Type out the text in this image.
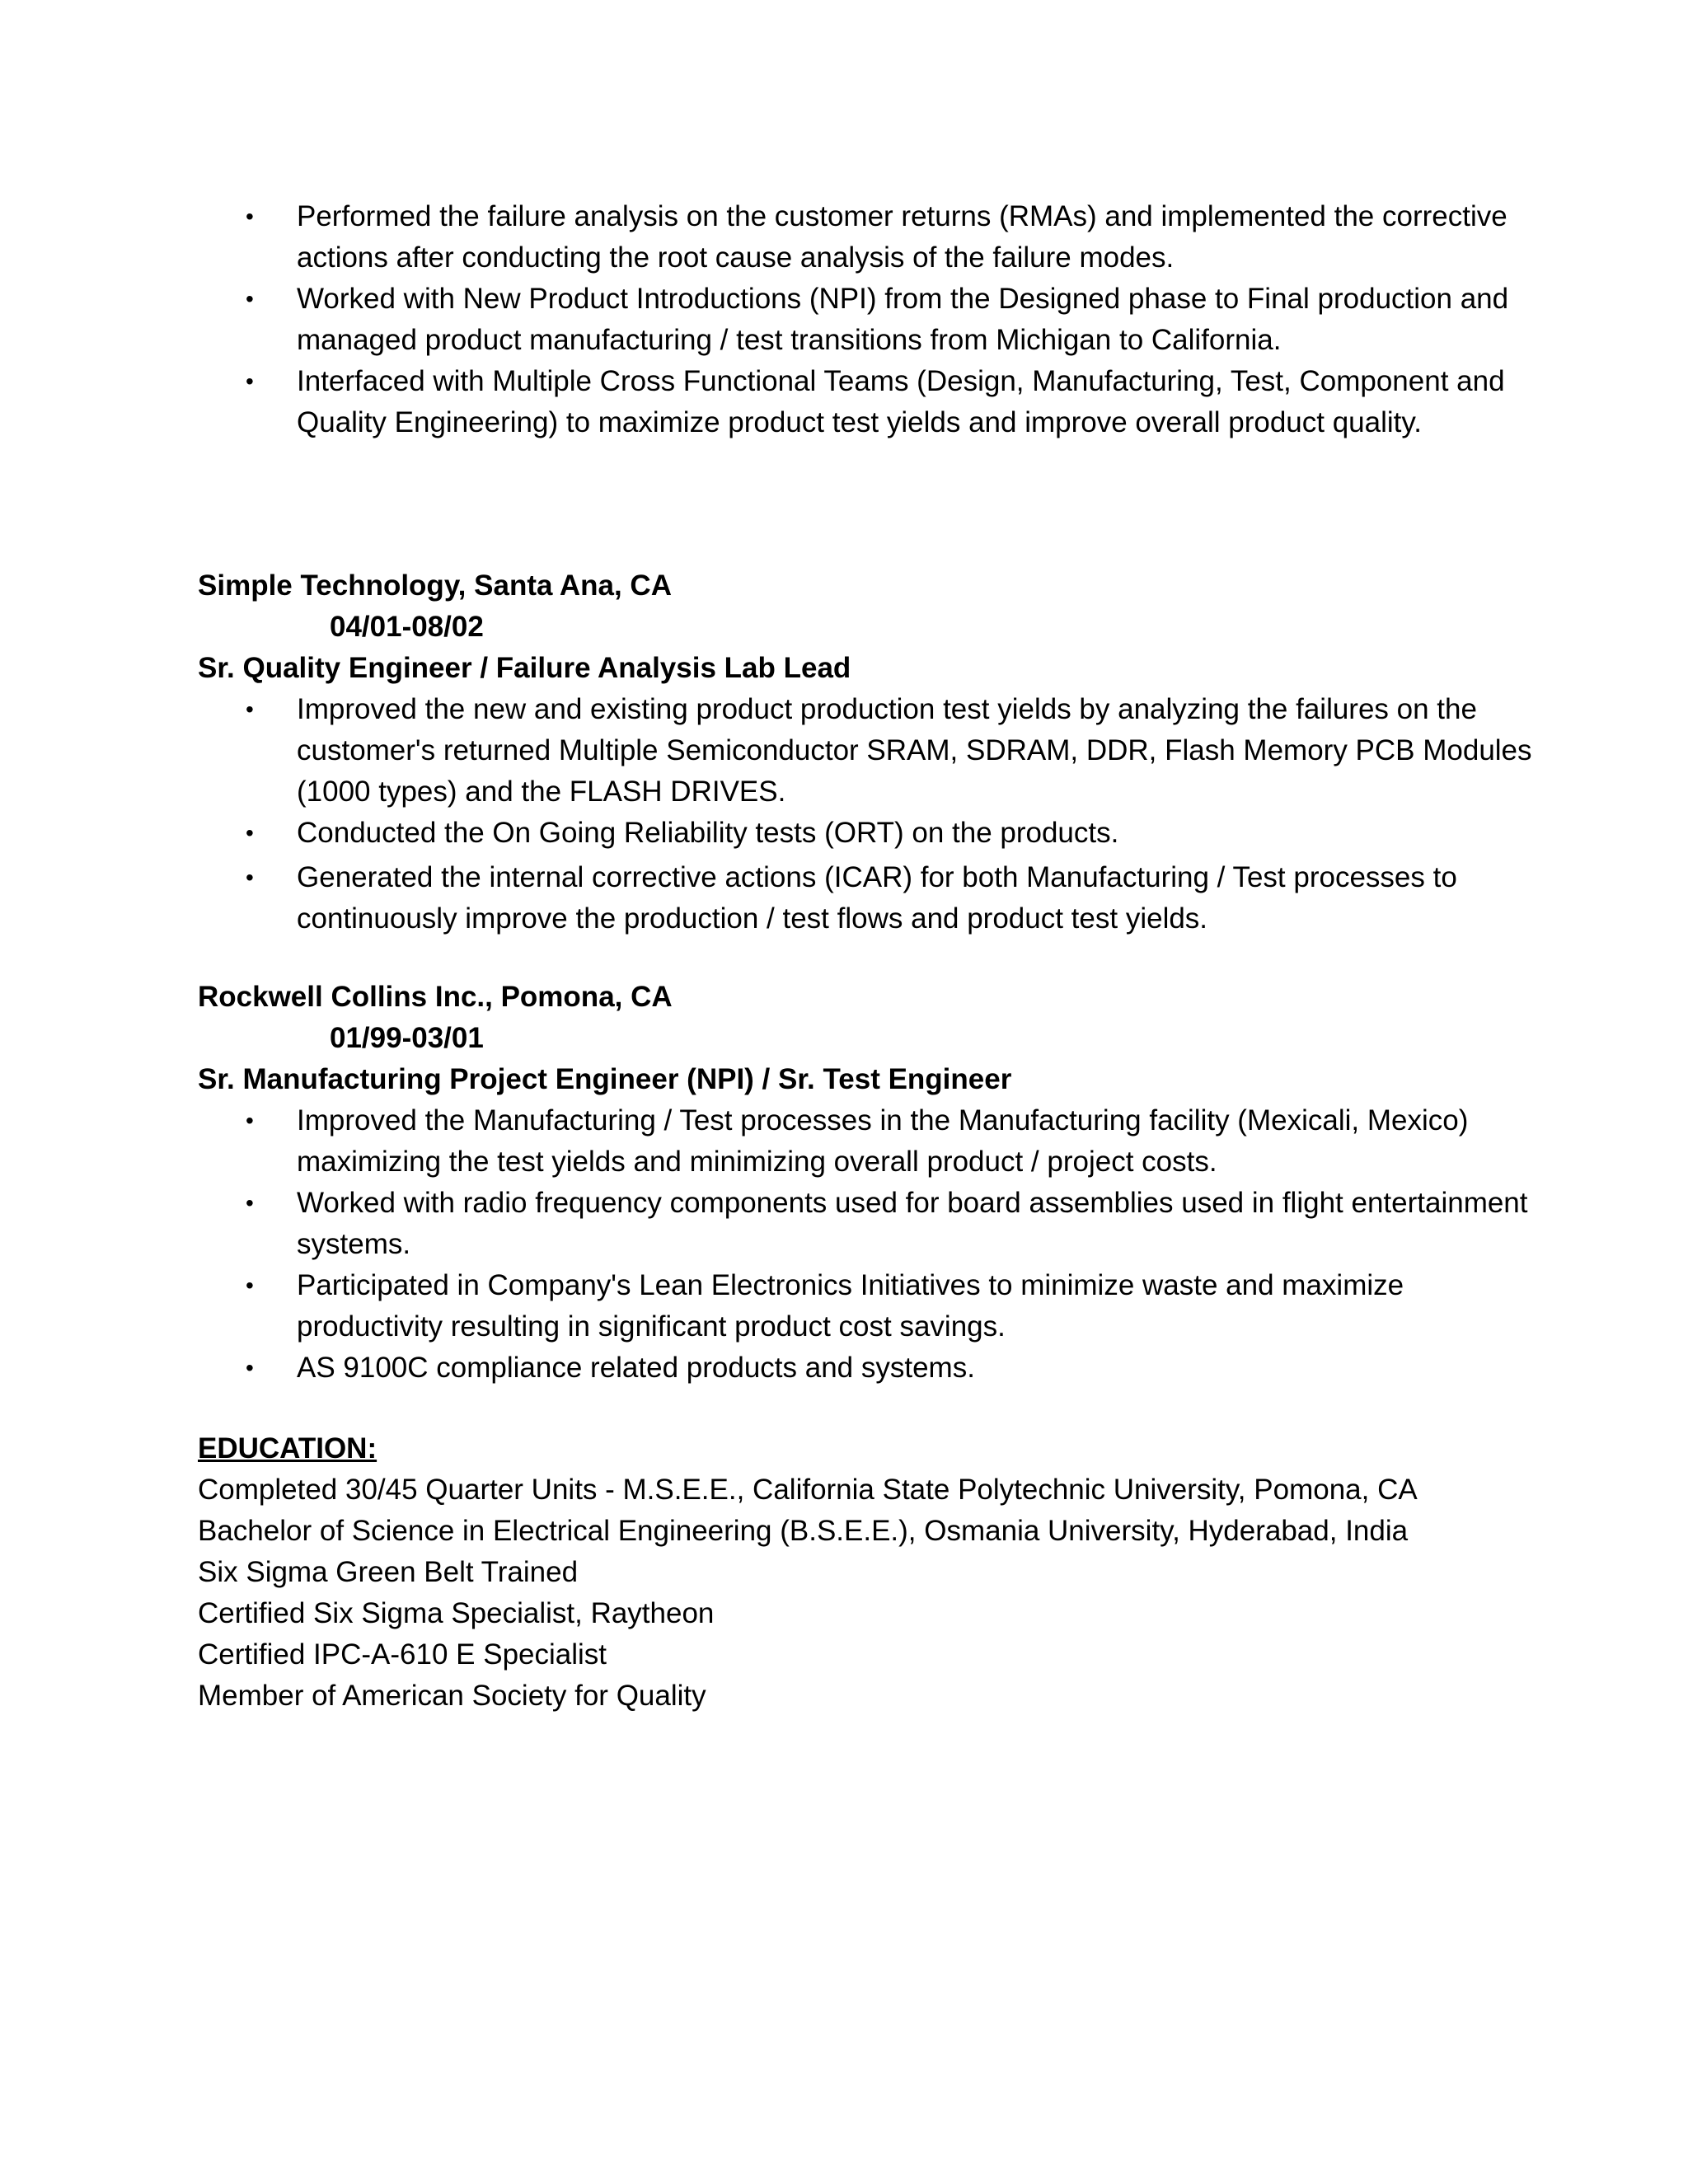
• Performed the failure analysis on the customer returns (RMAs) and implemented the corrective actions after conducting the root cause analysis of the failure modes.
• Worked with New Product Introductions (NPI) from the Designed phase to Final production and managed product manufacturing / test transitions from Michigan to California.
• Interfaced with Multiple Cross Functional Teams (Design, Manufacturing, Test, Component and Quality Engineering) to maximize product test yields and improve overall product quality.

Simple Technology, Santa Ana, CA

04/01-08/02

Sr. Quality Engineer / Failure Analysis Lab Lead

• Improved the new and existing product production test yields by analyzing the failures on the customer's returned Multiple Semiconductor SRAM, SDRAM, DDR, Flash Memory PCB Modules (1000 types) and the FLASH DRIVES.
• Conducted the On Going Reliability tests (ORT) on the products.
• Generated the internal corrective actions (ICAR) for both Manufacturing / Test processes to continuously improve the production / test flows and product test yields.

Rockwell Collins Inc., Pomona, CA

01/99-03/01

Sr. Manufacturing Project Engineer (NPI) / Sr. Test Engineer

• Improved the Manufacturing / Test processes in the Manufacturing facility (Mexicali, Mexico) maximizing the test yields and minimizing overall product / project costs.
• Worked with radio frequency components used for board assemblies used in flight entertainment systems.
• Participated in Company's Lean Electronics Initiatives to minimize waste and maximize productivity resulting in significant product cost savings.
• AS 9100C compliance related products and systems.

EDUCATION:

Completed 30/45 Quarter Units - M.S.E.E., California State Polytechnic University, Pomona, CA

Bachelor of Science in Electrical Engineering (B.S.E.E.), Osmania University, Hyderabad, India

Six Sigma Green Belt Trained

Certified Six Sigma Specialist, Raytheon

Certified IPC-A-610 E Specialist

Member of American Society for Quality
